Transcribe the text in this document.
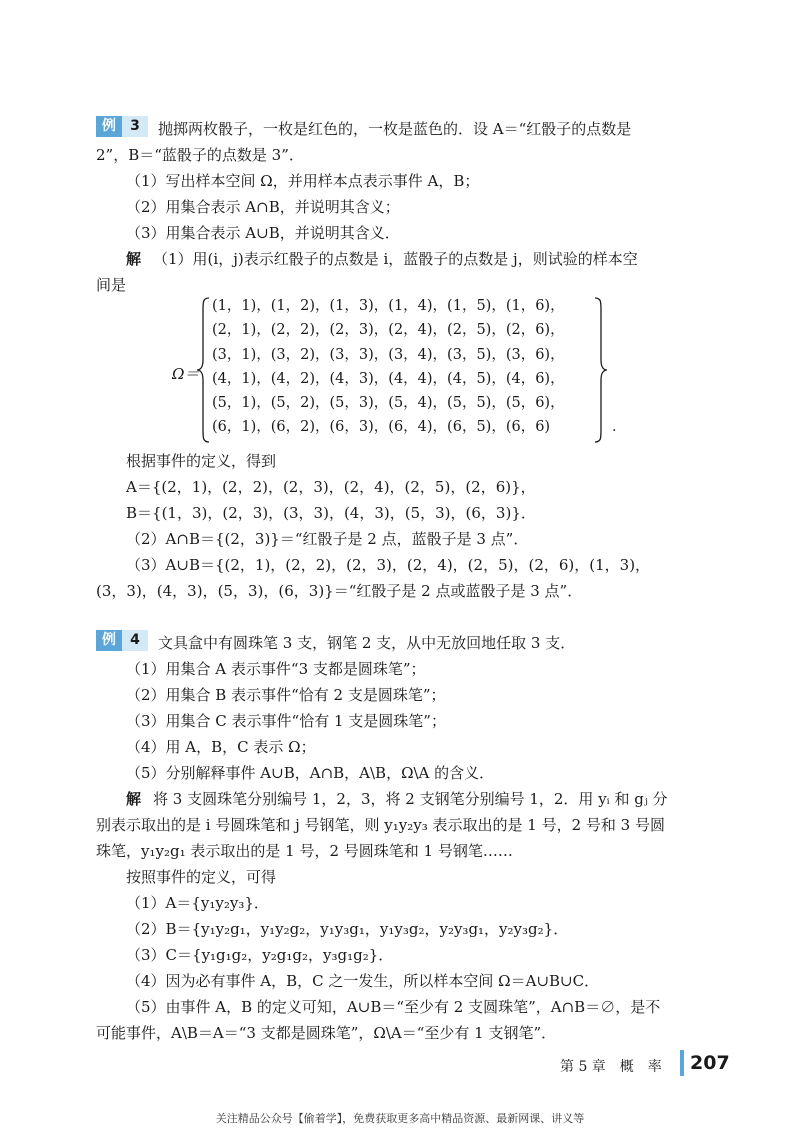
例	3	抛掷两枚骰子，一枚是红色的，一枚是蓝色的．设 A＝“红骰子的点数是
2”，B＝“蓝骰子的点数是 3”．
（1）写出样本空间 Ω，并用样本点表示事件 A，B；
（2）用集合表示 A∩B，并说明其含义；
（3）用集合表示 A∪B，并说明其含义．
解 （1）用(i，j)表示红骰子的点数是 i，蓝骰子的点数是 j，则试验的样本空
间是
Ω＝
(1，1)，(1，2)，(1，3)，(1，4)，(1，5)，(1，6)，
(2，1)，(2，2)，(2，3)，(2，4)，(2，5)，(2，6)，
(3，1)，(3，2)，(3，3)，(3，4)，(3，5)，(3，6)，
(4，1)，(4，2)，(4，3)，(4，4)，(4，5)，(4，6)，
(5，1)，(5，2)，(5，3)，(5，4)，(5，5)，(5，6)，
(6，1)，(6，2)，(6，3)，(6，4)，(6，5)，(6，6)	．
根据事件的定义，得到
A＝{(2，1)，(2，2)，(2，3)，(2，4)，(2，5)，(2，6)}，
B＝{(1，3)，(2，3)，(3，3)，(4，3)，(5，3)，(6，3)}．
（2）A∩B＝{(2，3)}＝“红骰子是 2 点，蓝骰子是 3 点”．
（3）A∪B＝{(2，1)，(2，2)，(2，3)，(2，4)，(2，5)，(2，6)，(1，3)，
(3，3)，(4，3)，(5，3)，(6，3)}＝“红骰子是 2 点或蓝骰子是 3 点”．
例	4	文具盒中有圆珠笔 3 支，钢笔 2 支，从中无放回地任取 3 支．
（1）用集合 A 表示事件“3 支都是圆珠笔”；
（2）用集合 B 表示事件“恰有 2 支是圆珠笔”；
（3）用集合 C 表示事件“恰有 1 支是圆珠笔”；
（4）用 A，B，C 表示 Ω；
（5）分别解释事件 A∪B，A∩B，A\B，Ω\A 的含义．
解 将 3 支圆珠笔分别编号 1，2，3，将 2 支钢笔分别编号 1，2．用 yᵢ 和 gⱼ 分
别表示取出的是 i 号圆珠笔和 j 号钢笔，则 y₁y₂y₃ 表示取出的是 1 号，2 号和 3 号圆
珠笔，y₁y₂g₁ 表示取出的是 1 号，2 号圆珠笔和 1 号钢笔……
按照事件的定义，可得
（1）A＝{y₁y₂y₃}．
（2）B＝{y₁y₂g₁，y₁y₂g₂，y₁y₃g₁，y₁y₃g₂，y₂y₃g₁，y₂y₃g₂}．
（3）C＝{y₁g₁g₂，y₂g₁g₂，y₃g₁g₂}．
（4）因为必有事件 A，B，C 之一发生，所以样本空间 Ω＝A∪B∪C．
（5）由事件 A，B 的定义可知，A∪B＝“至少有 2 支圆珠笔”，A∩B＝∅，是不
可能事件，A\B＝A＝“3 支都是圆珠笔”，Ω\A＝“至少有 1 支钢笔”．
第 5 章　概　率 207
关注精品公众号【偷着学】，免费获取更多高中精品资源、最新网课、讲义等
